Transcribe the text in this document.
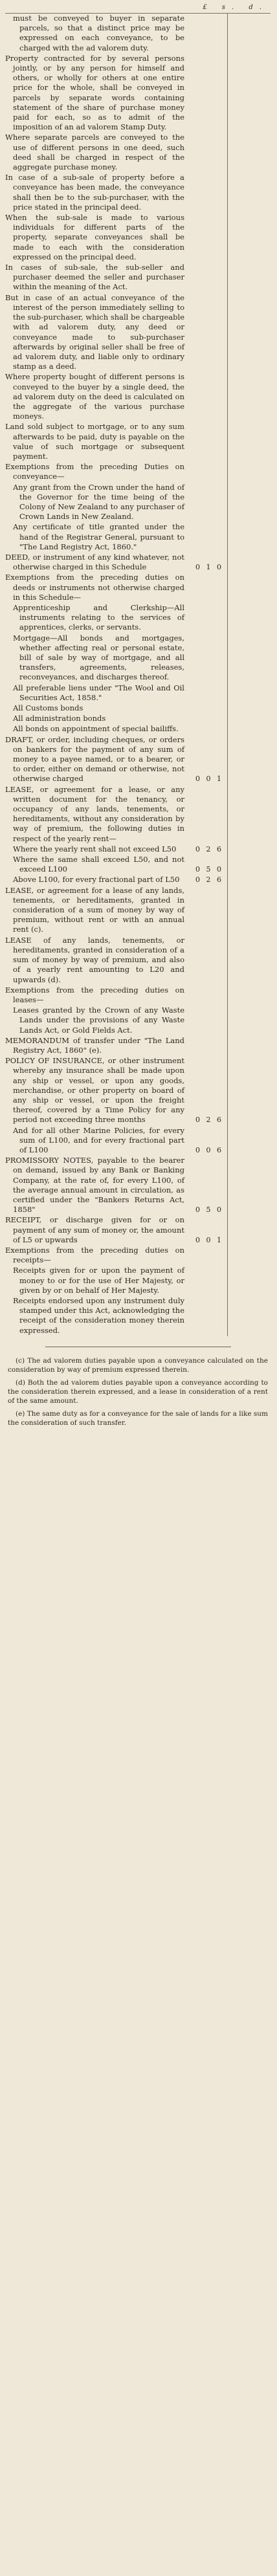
£ s. d.
must be conveyed to buyer in separate parcels, so that a distinct price may be expressed on each conveyance, to be charged with the ad valorem duty.
Property contracted for by several persons jointly, or by any person for himself and others, or wholly for others at one entire price for the whole, shall be conveyed in parcels by separate words containing statement of the share of purchase money paid for each, so as to admit of the imposition of an ad valorem Stamp Duty.
Where separate parcels are conveyed to the use of different persons in one deed, such deed shall be charged in respect of the aggregate purchase money.
In case of a sub-sale of property before a conveyance has been made, the conveyance shall then be to the sub-purchaser, with the price stated in the principal deed.
When the sub-sale is made to various individuals for different parts of the property, separate conveyances shall be made to each with the consideration expressed on the principal deed.
In cases of sub-sale, the sub-seller and purchaser deemed the seller and purchaser within the meaning of the Act.
But in case of an actual conveyance of the interest of the person immediately selling to the sub-purchaser, which shall be chargeable with ad valorem duty, any deed or conveyance made to sub-purchaser afterwards by original seller shall be free of ad valorem duty, and liable only to ordinary stamp as a deed.
Where property bought of different persons is conveyed to the buyer by a single deed, the ad valorem duty on the deed is calculated on the aggregate of the various purchase moneys.
Land sold subject to mortgage, or to any sum afterwards to be paid, duty is payable on the value of such mortgage or subsequent payment.
Exemptions from the preceding Duties on conveyance—
Any grant from the Crown under the hand of the Governor for the time being of the Colony of New Zealand to any purchaser of Crown Lands in New Zealand.
Any certificate of title granted under the hand of the Registrar General, pursuant to "The Land Registry Act, 1860."
DEED, or instrument of any kind whatever, not otherwise charged in this Schedule	0 1 0
Exemptions from the preceding duties on deeds or instruments not otherwise charged in this Schedule—
Apprenticeship and Clerkship—All instruments relating to the services of apprentices, clerks, or servants.
Mortgage—All bonds and mortgages, whether affecting real or personal estate, bill of sale by way of mortgage, and all transfers, agreements, releases, reconveyances, and discharges thereof.
All preferable liens under "The Wool and Oil Securities Act, 1858."
All Customs bonds
All administration bonds
All bonds on appointment of special bailiffs.
DRAFT, or order, including cheques, or orders on bankers for the payment of any sum of money to a payee named, or to a bearer, or to order, either on demand or otherwise, not otherwise charged	0 0 1
LEASE, or agreement for a lease, or any written document for the tenancy, or occupancy of any lands, tenements, or hereditaments, without any consideration by way of premium, the following duties in respect of the yearly rent—
Where the yearly rent shall not exceed L50	0 2 6
Where the same shall exceed L50, and not exceed L100	0 5 0
Above L100, for every fractional part of L50	0 2 6
LEASE, or agreement for a lease of any lands, tenements, or hereditaments, granted in consideration of a sum of money by way of premium, without rent or with an annual rent (c).
LEASE of any lands, tenements, or hereditaments, granted in consideration of a sum of money by way of premium, and also of a yearly rent amounting to L20 and upwards (d).
Exemptions from the preceding duties on leases—
Leases granted by the Crown of any Waste Lands under the provisions of any Waste Lands Act, or Gold Fields Act.
MEMORANDUM of transfer under "The Land Registry Act, 1860" (e).
POLICY OF INSURANCE, or other instrument whereby any insurance shall be made upon any ship or vessel, or upon any goods, merchandise, or other property on board of any ship or vessel, or upon the freight thereof, covered by a Time Policy for any period not exceeding three months	0 2 6
And for all other Marine Policies, for every sum of L100, and for every fractional part of L100	0 0 6
PROMISSORY NOTES, payable to the bearer on demand, issued by any Bank or Banking Company, at the rate of, for every L100, of the average annual amount in circulation, as certified under the "Bankers Returns Act, 1858"	0 5 0
RECEIPT, or discharge given for or on payment of any sum of money or, the amount of L5 or upwards	0 0 1
Exemptions from the preceding duties on receipts—
Receipts given for or upon the payment of money to or for the use of Her Majesty, or given by or on behalf of Her Majesty.
Receipts endorsed upon any instrument duly stamped under this Act, acknowledging the receipt of the consideration money therein expressed.
(c) The ad valorem duties payable upon a conveyance calculated on the consideration by way of premium expressed therein.
(d) Both the ad valorem duties payable upon a conveyance according to the consideration therein expressed, and a lease in consideration of a rent of the same amount.
(e) The same duty as for a conveyance for the sale of lands for a like sum the consideration of such transfer.
